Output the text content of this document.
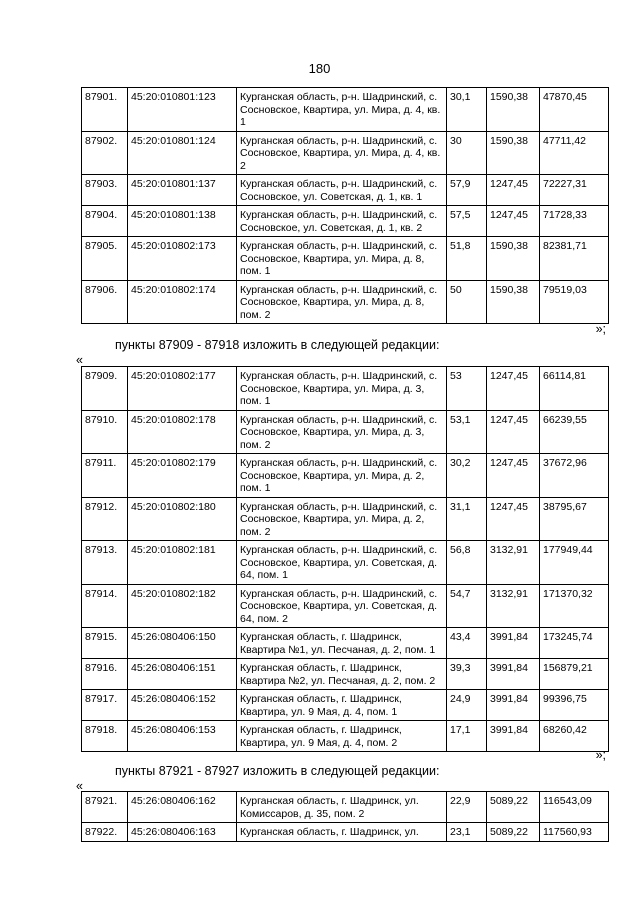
180
87901.	45:20:010801:123	Курганская область, р-н. Шадринский, с. Сосновское, Квартира, ул. Мира, д. 4, кв. 1	30,1	1590,38	47870,45
87902.	45:20:010801:124	Курганская область, р-н. Шадринский, с. Сосновское, Квартира, ул. Мира, д. 4, кв. 2	30	1590,38	47711,42
87903.	45:20:010801:137	Курганская область, р-н. Шадринский, с. Сосновское, ул. Советская, д. 1, кв. 1	57,9	1247,45	72227,31
87904.	45:20:010801:138	Курганская область, р-н. Шадринский, с. Сосновское, ул. Советская, д. 1, кв. 2	57,5	1247,45	71728,33
87905.	45:20:010802:173	Курганская область, р-н. Шадринский, с. Сосновское, Квартира, ул. Мира, д. 8, пом. 1	51,8	1590,38	82381,71
87906.	45:20:010802:174	Курганская область, р-н. Шадринский, с. Сосновское, Квартира, ул. Мира, д. 8, пом. 2	50	1590,38	79519,03
»;
пункты 87909 - 87918 изложить в следующей редакции:
«
87909.	45:20:010802:177	Курганская область, р-н. Шадринский, с. Сосновское, Квартира, ул. Мира, д. 3, пом. 1	53	1247,45	66114,81
87910.	45:20:010802:178	Курганская область, р-н. Шадринский, с. Сосновское, Квартира, ул. Мира, д. 3, пом. 2	53,1	1247,45	66239,55
87911.	45:20:010802:179	Курганская область, р-н. Шадринский, с. Сосновское, Квартира, ул. Мира, д. 2, пом. 1	30,2	1247,45	37672,96
87912.	45:20:010802:180	Курганская область, р-н. Шадринский, с. Сосновское, Квартира, ул. Мира, д. 2, пом. 2	31,1	1247,45	38795,67
87913.	45:20:010802:181	Курганская область, р-н. Шадринский, с. Сосновское, Квартира, ул. Советская, д. 64, пом. 1	56,8	3132,91	177949,44
87914.	45:20:010802:182	Курганская область, р-н. Шадринский, с. Сосновское, Квартира, ул. Советская, д. 64, пом. 2	54,7	3132,91	171370,32
87915.	45:26:080406:150	Курганская область, г. Шадринск, Квартира №1, ул. Песчаная, д. 2, пом. 1	43,4	3991,84	173245,74
87916.	45:26:080406:151	Курганская область, г. Шадринск, Квартира №2, ул. Песчаная, д. 2, пом. 2	39,3	3991,84	156879,21
87917.	45:26:080406:152	Курганская область, г. Шадринск, Квартира, ул. 9 Мая, д. 4, пом. 1	24,9	3991,84	99396,75
87918.	45:26:080406:153	Курганская область, г. Шадринск, Квартира, ул. 9 Мая, д. 4, пом. 2	17,1	3991,84	68260,42
»;
пункты 87921 - 87927 изложить в следующей редакции:
«
87921.	45:26:080406:162	Курганская область, г. Шадринск, ул. Комиссаров, д. 35, пом. 2	22,9	5089,22	116543,09
87922.	45:26:080406:163	Курганская область, г. Шадринск, ул.	23,1	5089,22	117560,93
